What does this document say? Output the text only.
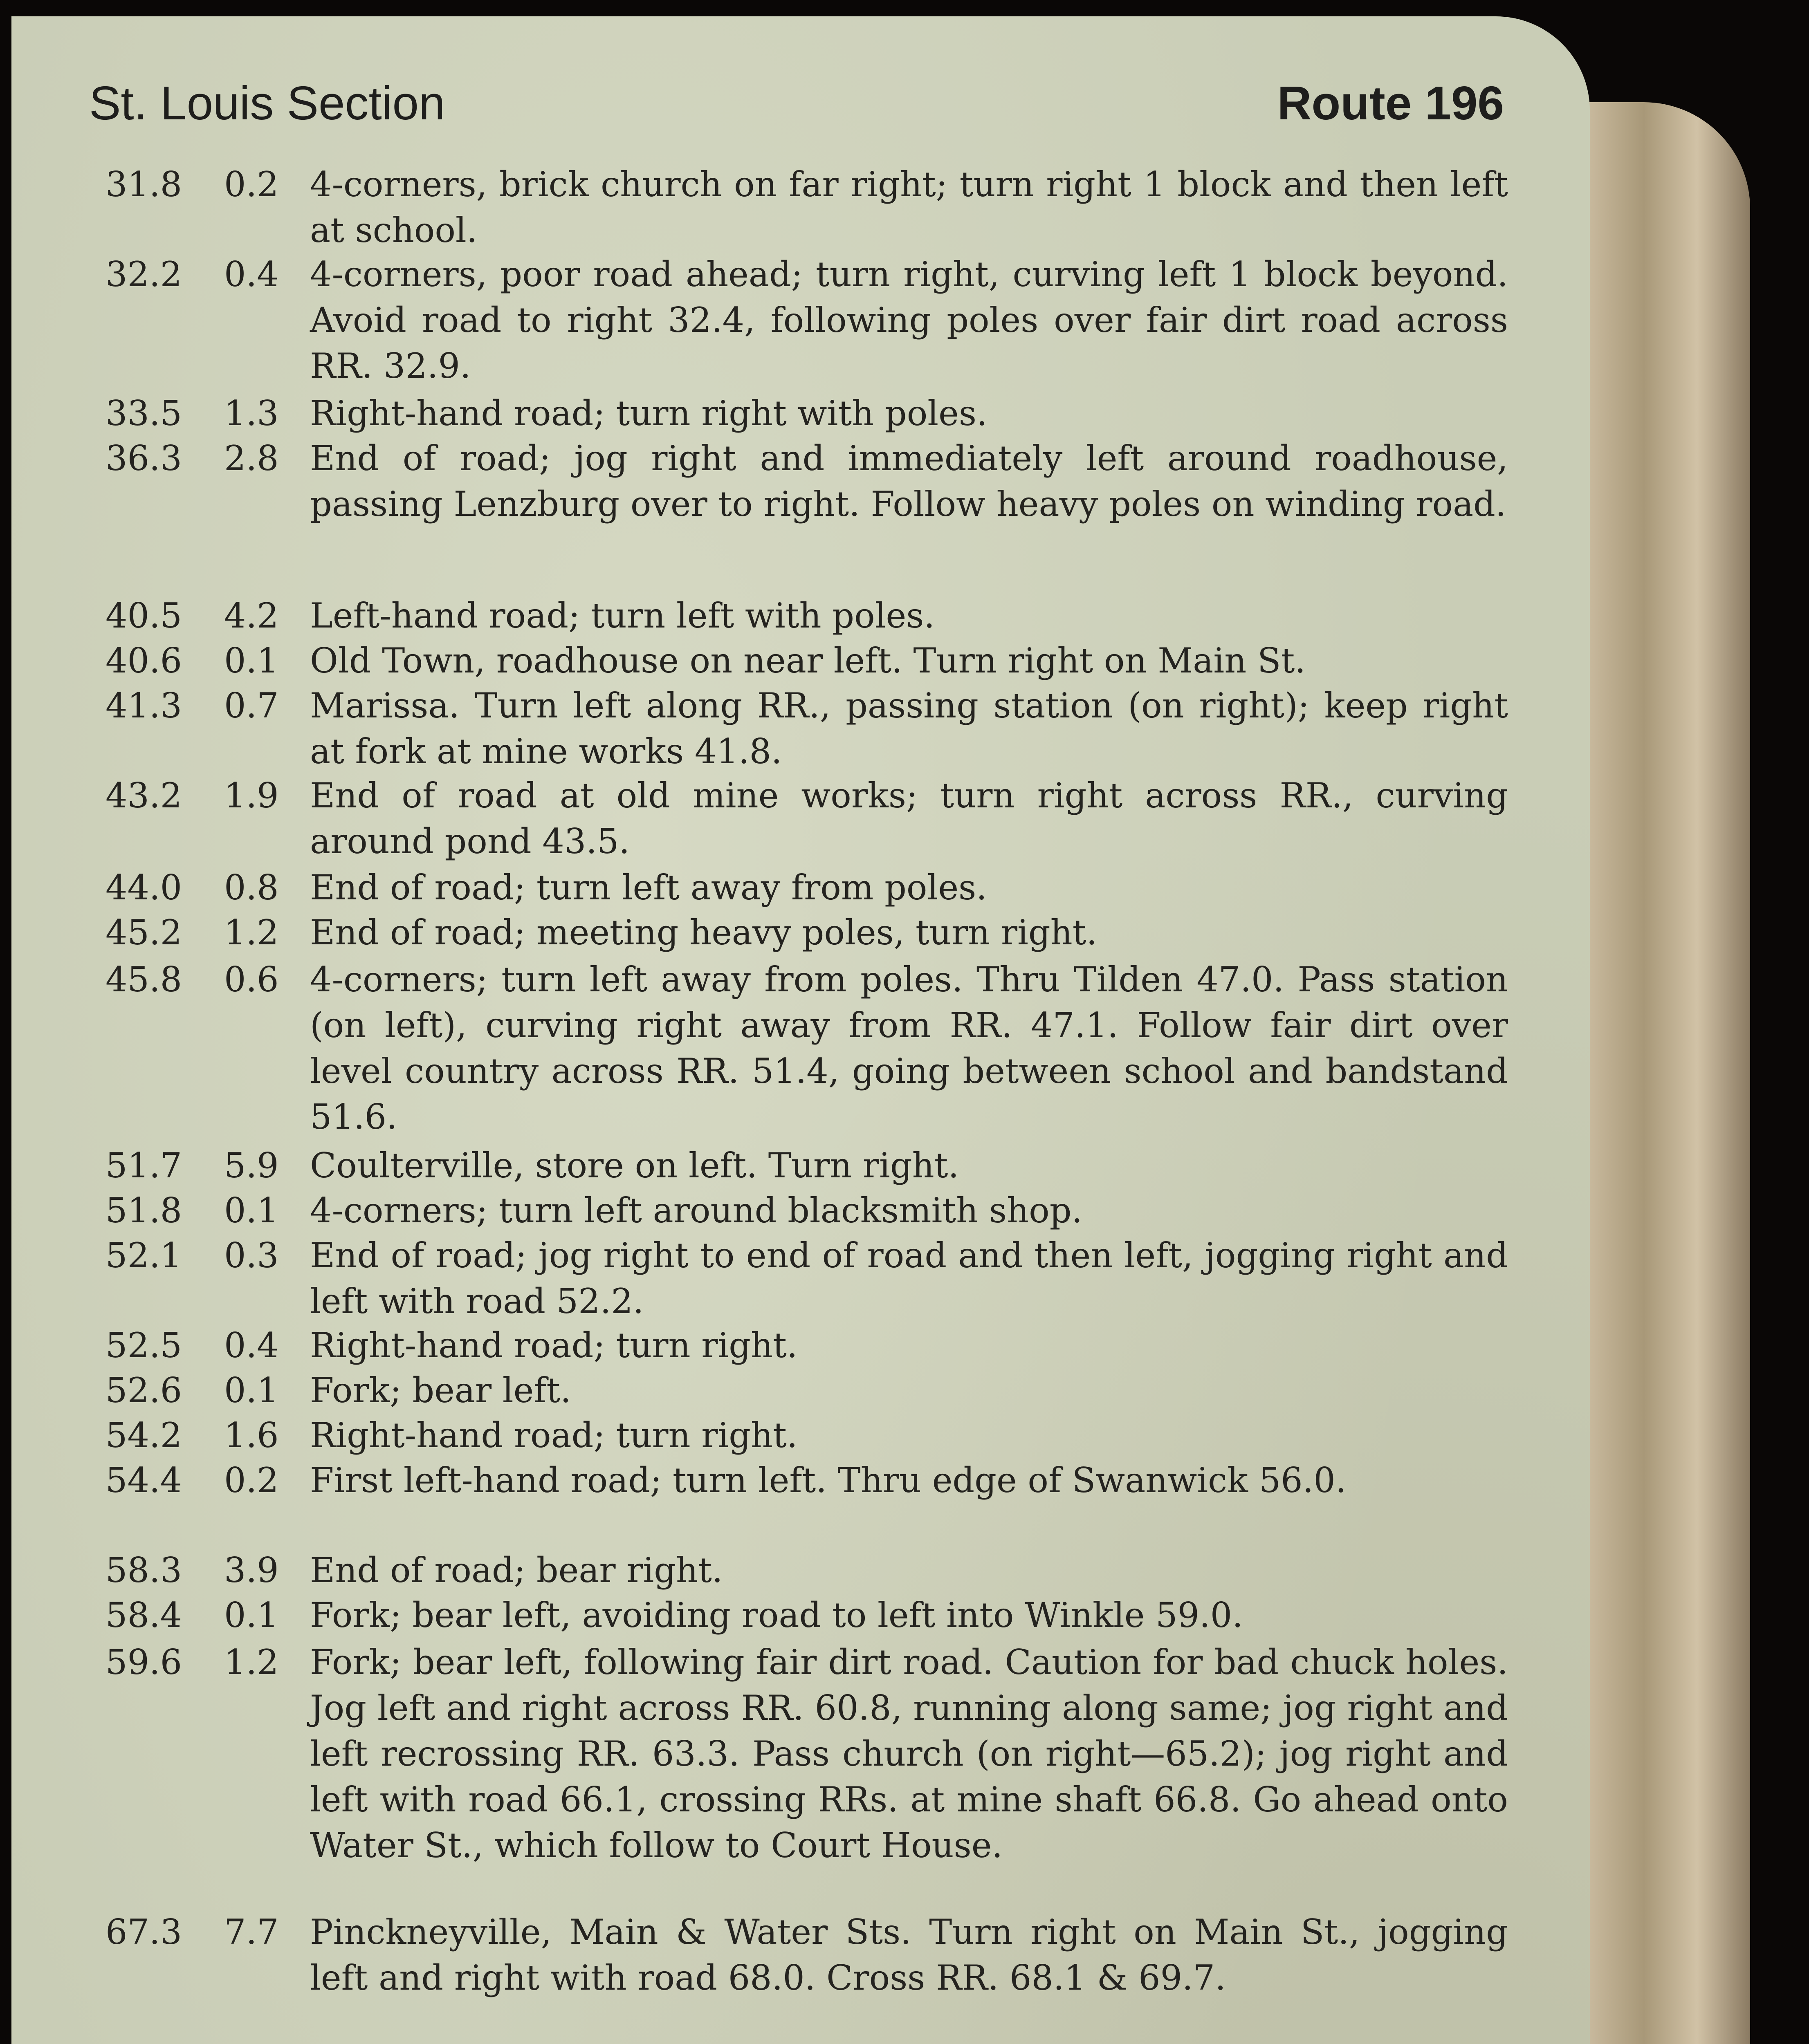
St. Louis Section	Route 196
31.8	0.2 4-corners, brick church on far right; turn right 1 block and then left at school.
32.2	0.4 4-corners, poor road ahead; turn right, curving left 1 block beyond. Avoid road to right 32.4, following poles over fair dirt road across RR. 32.9.
33.5	1.3 Right-hand road; turn right with poles.
36.3	2.8 End of road; jog right and immediately left around roadhouse, passing Lenzburg over to right. Follow heavy poles on winding road.
40.5	4.2 Left-hand road; turn left with poles.
40.6	0.1 Old Town, roadhouse on near left. Turn right on Main St.
41.3	0.7 Marissa. Turn left along RR., passing station (on right); keep right at fork at mine works 41.8.
43.2	1.9 End of road at old mine works; turn right across RR., curving around pond 43.5.
44.0	0.8 End of road; turn left away from poles.
45.2	1.2 End of road; meeting heavy poles, turn right.
45.8	0.6 4-corners; turn left away from poles. Thru Tilden 47.0. Pass station (on left), curving right away from RR. 47.1. Follow fair dirt over level country across RR. 51.4, going between school and bandstand 51.6.
51.7	5.9 Coulterville, store on left. Turn right.
51.8	0.1 4-corners; turn left around blacksmith shop.
52.1	0.3 End of road; jog right to end of road and then left, jogging right and left with road 52.2.
52.5	0.4 Right-hand road; turn right.
52.6	0.1 Fork; bear left.
54.2	1.6 Right-hand road; turn right.
54.4	0.2 First left-hand road; turn left. Thru edge of Swanwick 56.0.
58.3	3.9 End of road; bear right.
58.4	0.1 Fork; bear left, avoiding road to left into Winkle 59.0.
59.6	1.2 Fork; bear left, following fair dirt road. Caution for bad chuck holes. Jog left and right across RR. 60.8, running along same; jog right and left recrossing RR. 63.3. Pass church (on right—65.2); jog right and left with road 66.1, crossing RRs. at mine shaft 66.8. Go ahead onto Water St., which follow to Court House.
67.3	7.7 Pinckneyville, Main & Water Sts. Turn right on Main St., jogging left and right with road 68.0. Cross RR. 68.1 & 69.7.
